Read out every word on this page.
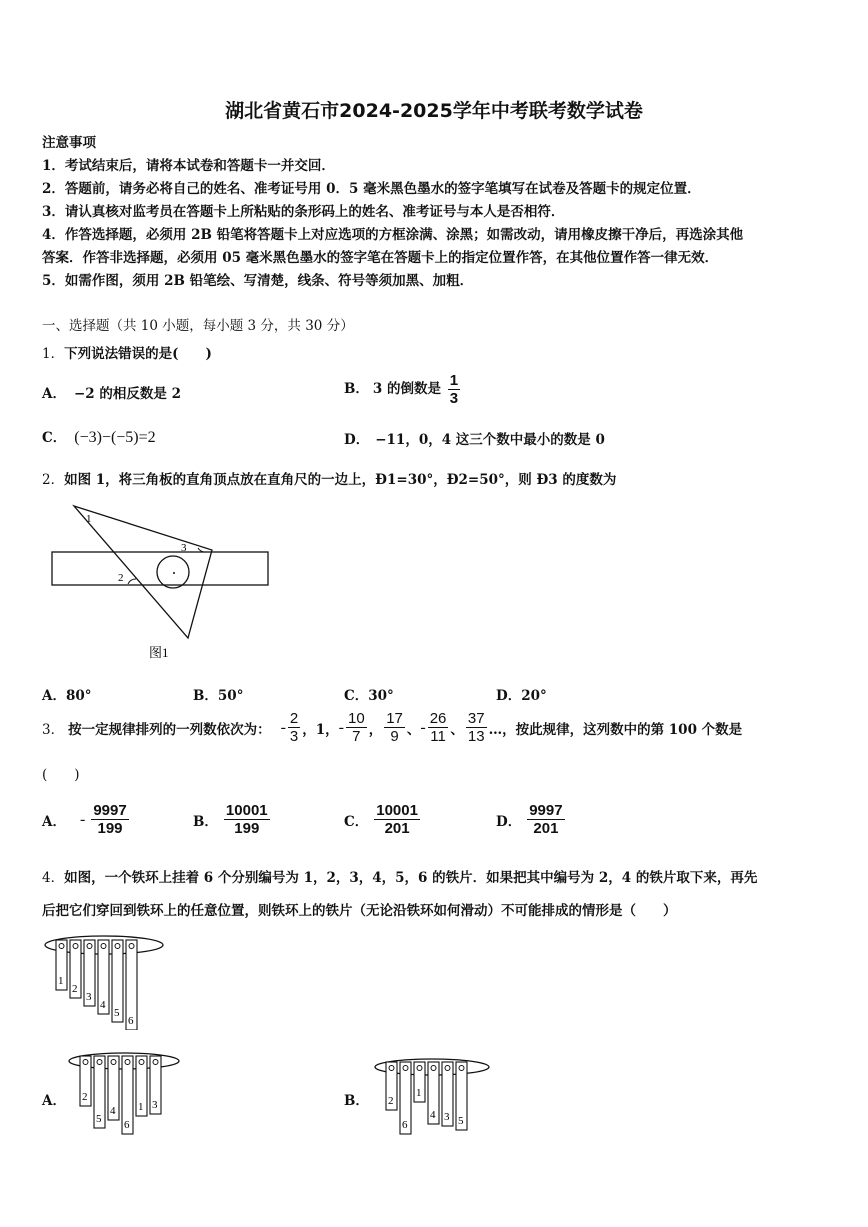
湖北省黄石市2024-2025学年中考联考数学试卷
注意事项
1．考试结束后，请将本试卷和答题卡一并交回．
2．答题前，请务必将自己的姓名、准考证号用 0．5 毫米黑色墨水的签字笔填写在试卷及答题卡的规定位置．
3．请认真核对监考员在答题卡上所粘贴的条形码上的姓名、准考证号与本人是否相符．
4．作答选择题，必须用 2B 铅笔将答题卡上对应选项的方框涂满、涂黑；如需改动，请用橡皮擦干净后，再选涂其他
答案．作答非选择题，必须用 05 毫米黑色墨水的签字笔在答题卡上的指定位置作答，在其他位置作答一律无效．
5．如需作图，须用 2B 铅笔绘、写清楚，线条、符号等须加黑、加粗．
一、选择题（共 10 小题，每小题 3 分，共 30 分）
1．下列说法错误的是(　　)
A． −2 的相反数是 2	B． 3 的倒数是 $\frac{1}{3}$
C． (−3)−(−5)=2	D． −11，0，4 这三个数中最小的数是 0
2．如图 1，将三角板的直角顶点放在直角尺的一边上，Ð1=30°，Ð2=50°，则 Ð3 的度数为
1
2
3
图1
A．80°	B．50°	C．30°	D．20°
3． 按一定规律排列的一列数依次为： - $\frac{2}{3}$ ，1， - $\frac{10}{7}$ ， $\frac{17}{9}$ 、 - $\frac{26}{11}$ 、 $\frac{37}{13}$ …，按此规律，这列数中的第 100 个数是
(　　)
A． - $\frac{9997}{199}$	B． $\frac{10001}{199}$	C． $\frac{10001}{201}$	D． $\frac{9997}{201}$
4．如图，一个铁环上挂着 6 个分别编号为 1，2，3，4，5，6 的铁片．如果把其中编号为 2，4 的铁片取下来，再先
后把它们穿回到铁环上的任意位置，则铁环上的铁片（无论沿铁环如何滑动）不可能排成的情形是（　　）
1
2
3
4
5
6
A． 2
5
4
6
1 3	B． 2
6
1
4 3 5
